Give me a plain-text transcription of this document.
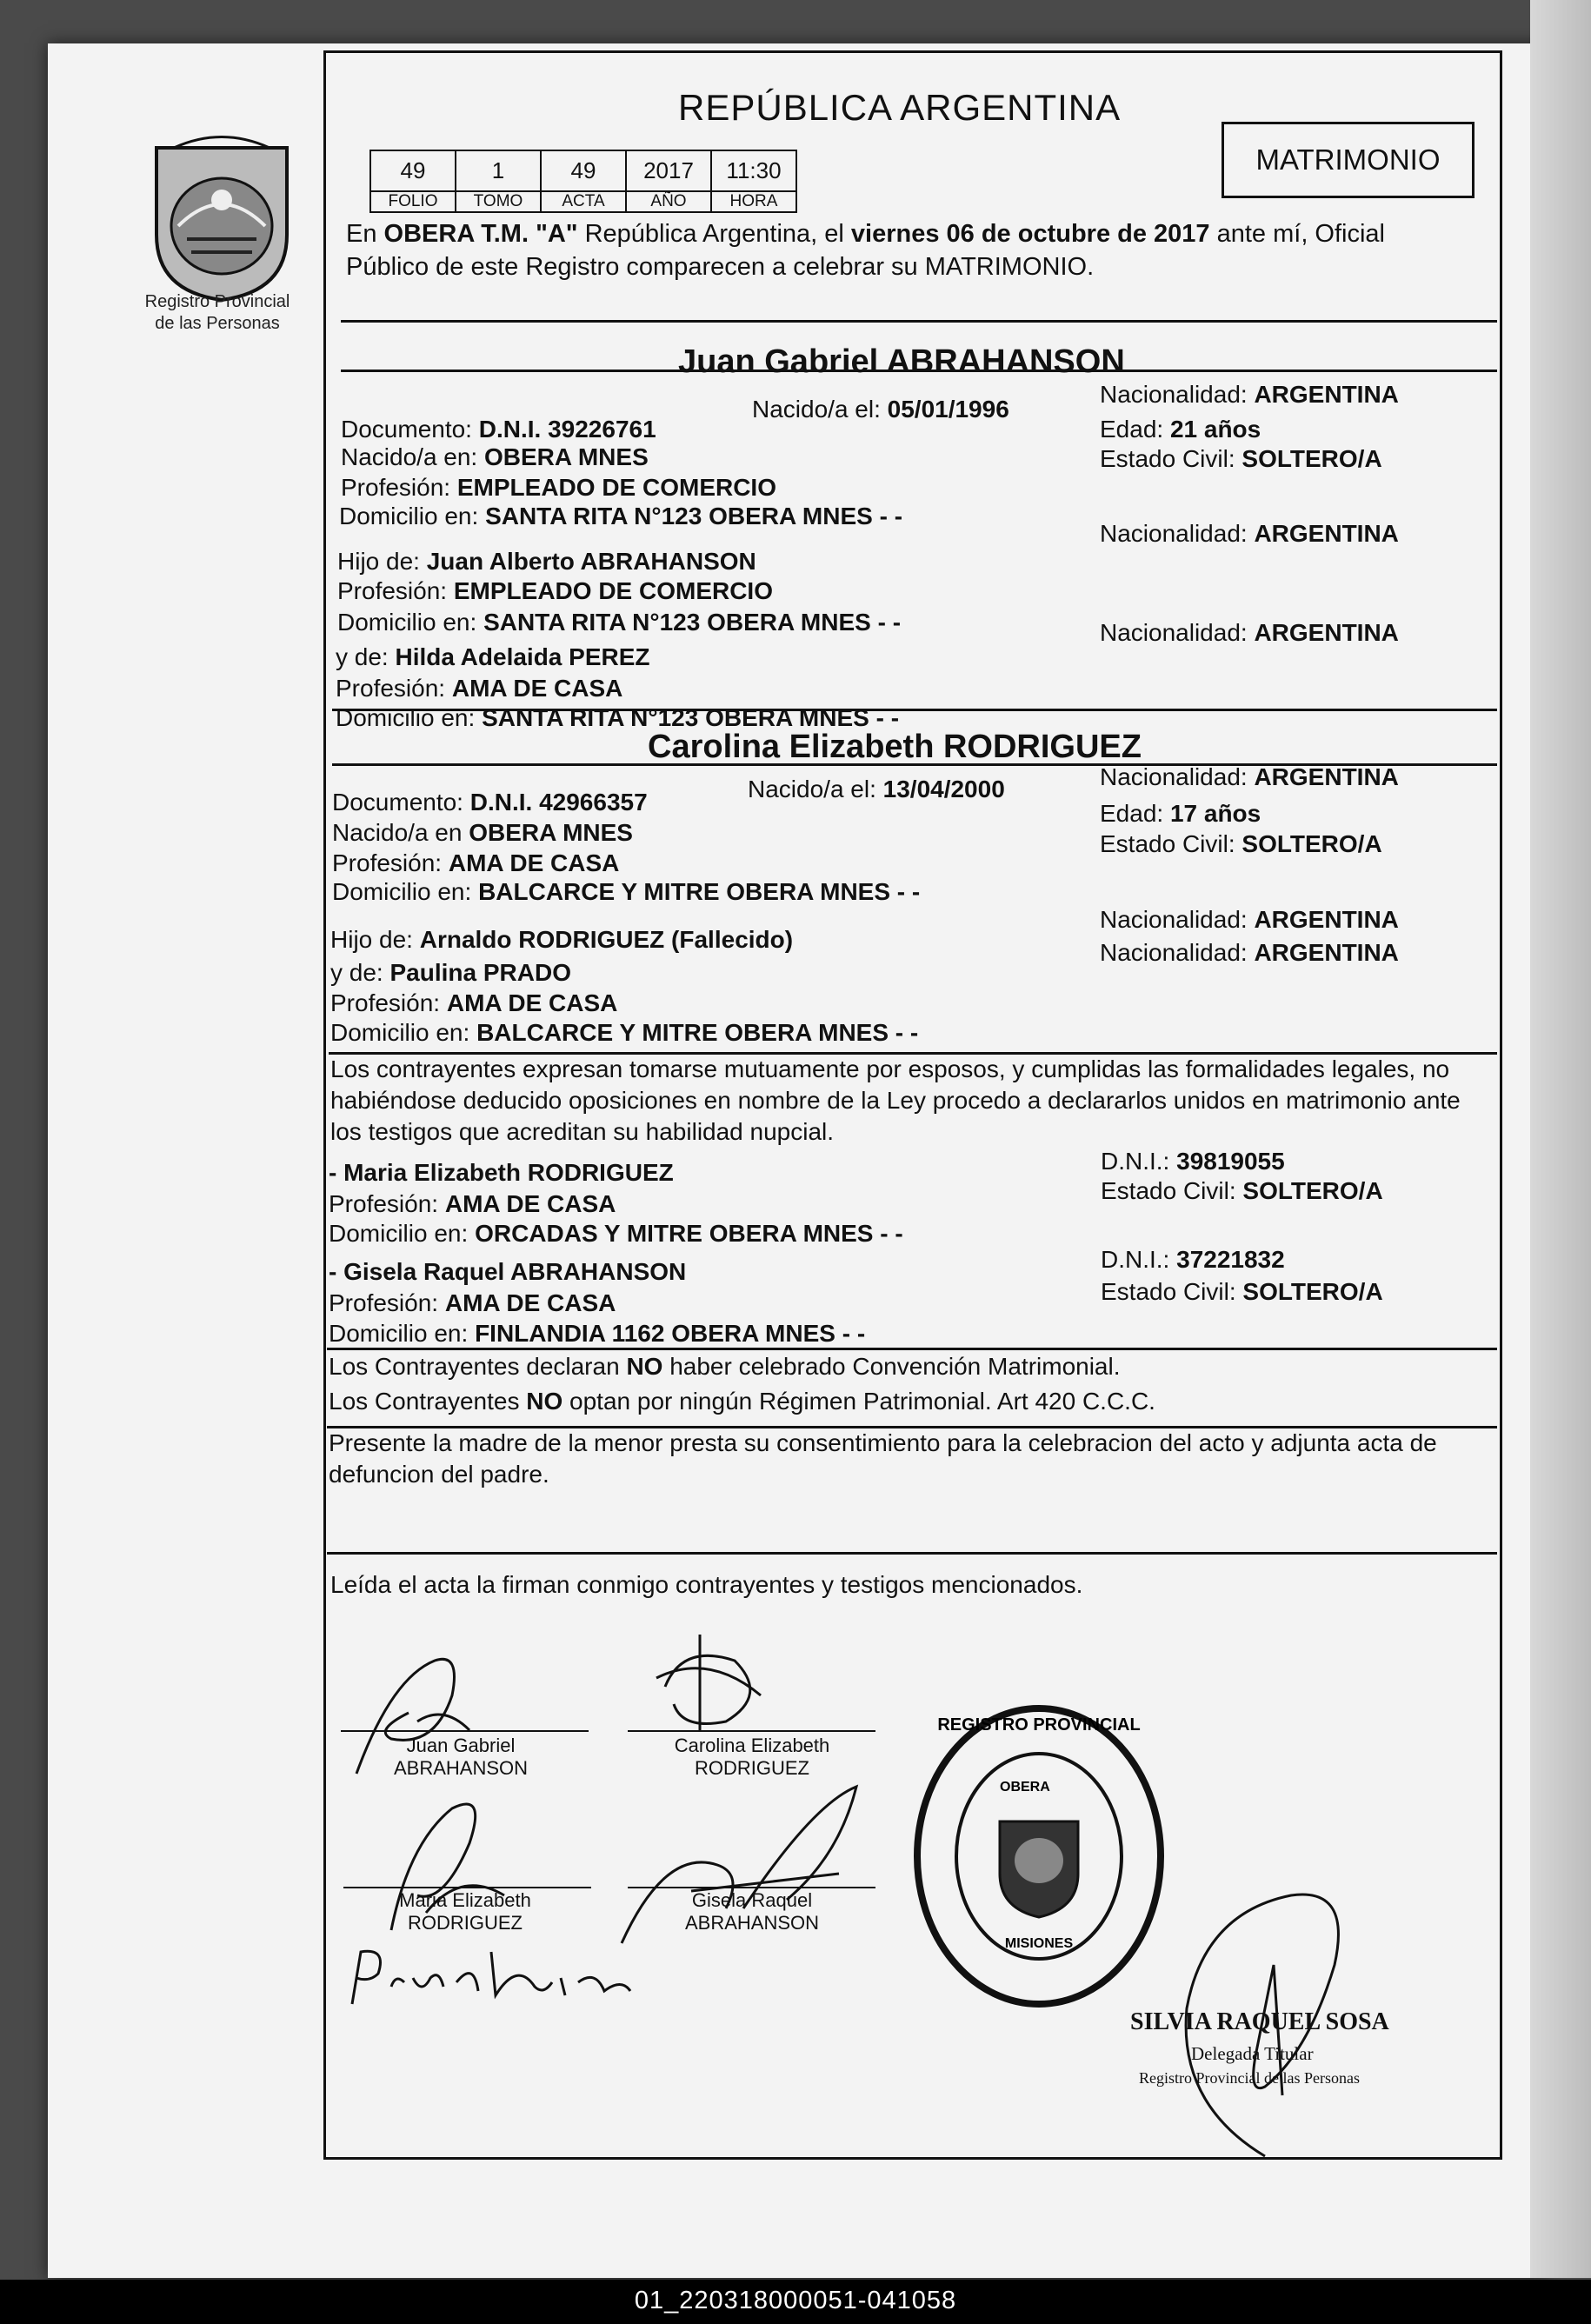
Registro Provincial
de las Personas
REPÚBLICA ARGENTINA
MATRIMONIO
49	1	49	2017	11:30
FOLIO	TOMO	ACTA	AÑO	HORA
En OBERA T.M. "A" República Argentina, el viernes 06 de octubre de 2017 ante mí, Oficial
Público de este Registro comparecen a celebrar su MATRIMONIO.
Juan Gabriel ABRAHANSON
Documento: D.N.I. 39226761
Nacido/a el: 05/01/1996
Nacionalidad: ARGENTINA
Nacido/a en: OBERA MNES
Edad: 21 años
Profesión: EMPLEADO DE COMERCIO
Estado Civil: SOLTERO/A
Domicilio en: SANTA RITA N°123 OBERA MNES - -
Hijo de: Juan Alberto ABRAHANSON
Nacionalidad: ARGENTINA
Profesión: EMPLEADO DE COMERCIO
Domicilio en: SANTA RITA N°123 OBERA MNES - -
y de: Hilda Adelaida PEREZ
Nacionalidad: ARGENTINA
Profesión: AMA DE CASA
Domicilio en: SANTA RITA N°123 OBERA MNES - -
Carolina Elizabeth RODRIGUEZ
Documento: D.N.I. 42966357	Nacido/a el: 13/04/2000	Nacionalidad: ARGENTINA
Nacido/a en OBERA MNES
Edad: 17 años
Profesión: AMA DE CASA
Estado Civil: SOLTERO/A
Domicilio en: BALCARCE Y MITRE OBERA MNES - -
Hijo de: Arnaldo RODRIGUEZ (Fallecido)
Nacionalidad: ARGENTINA
y de: Paulina PRADO
Nacionalidad: ARGENTINA
Profesión: AMA DE CASA
Domicilio en: BALCARCE Y MITRE OBERA MNES - -
Los contrayentes expresan tomarse mutuamente por esposos, y cumplidas las formalidades legales, no
habiéndose deducido oposiciones en nombre de la Ley procedo a declararlos unidos en matrimonio ante
los testigos que acreditan su habilidad nupcial.
- Maria Elizabeth RODRIGUEZ	D.N.I.: 39819055
Profesión: AMA DE CASA	Estado Civil: SOLTERO/A
Domicilio en: ORCADAS Y MITRE OBERA MNES - -
- Gisela Raquel ABRAHANSON	D.N.I.: 37221832
Profesión: AMA DE CASA	Estado Civil: SOLTERO/A
Domicilio en: FINLANDIA 1162 OBERA MNES - -
Los Contrayentes declaran NO haber celebrado Convención Matrimonial.
Los Contrayentes NO optan por ningún Régimen Patrimonial. Art 420 C.C.C.
Presente la madre de la menor presta su consentimiento para la celebracion del acto y adjunta acta de
defuncion del padre.
Leída el acta la firman conmigo contrayentes y testigos mencionados.
Juan Gabriel
ABRAHANSON
Carolina Elizabeth
RODRIGUEZ
Maria Elizabeth
RODRIGUEZ
Gisela Raquel
ABRAHANSON
REGISTRO PROVINCIAL
OBERA
MISIONES
SILVIA RAQUEL SOSA
Delegada Titular
Registro Provincial de las Personas
01_220318000051-041058
